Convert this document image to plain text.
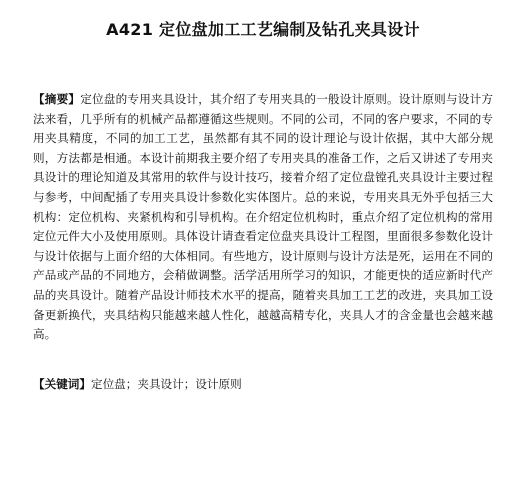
A421 定位盘加工工艺编制及钻孔夹具设计

【摘要】定位盘的专用夹具设计，其介绍了专用夹具的一般设计原则。设计原则与设计方法来看，几乎所有的机械产品都遵循这些规则。不同的公司，不同的客户要求，不同的专用夹具精度，不同的加工工艺，虽然都有其不同的设计理论与设计依据，其中大部分规则，方法都是相通。本设计前期我主要介绍了专用夹具的准备工作，之后又讲述了专用夹具设计的理论知道及其常用的软件与设计技巧，接着介绍了定位盘镗孔夹具设计主要过程与参考，中间配插了专用夹具设计参数化实体图片。总的来说，专用夹具无外乎包括三大机构：定位机构、夹紧机构和引导机构。在介绍定位机构时，重点介绍了定位机构的常用定位元件大小及使用原则。具体设计请查看定位盘夹具设计工程图，里面很多参数化设计与设计依据与上面介绍的大体相同。有些地方，设计原则与设计方法是死，运用在不同的产品或产品的不同地方，会稍做调整。活学活用所学习的知识，才能更快的适应新时代产品的夹具设计。随着产品设计师技术水平的提高，随着夹具加工工艺的改进，夹具加工设备更新换代，夹具结构只能越来越人性化，越越高精专化，夹具人才的含金量也会越来越高。

【关键词】定位盘；夹具设计；设计原则
